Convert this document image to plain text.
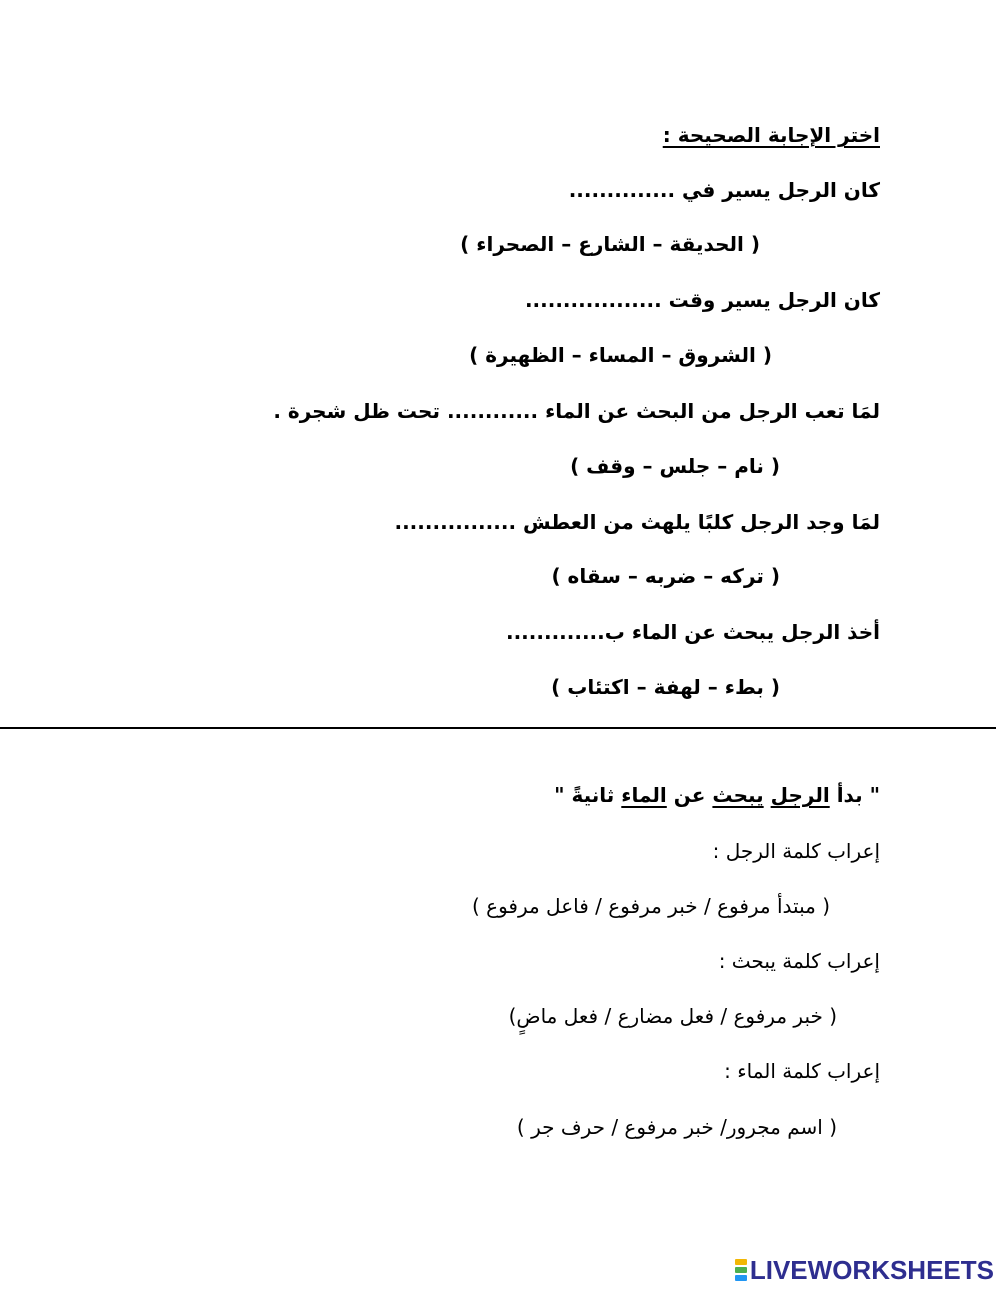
اختر الإجابة الصحيحة :
كان الرجل يسير في ..............
( الحديقة – الشارع – الصحراء )
كان الرجل يسير وقت ..................
( الشروق – المساء – الظهيرة )
لمَا تعب الرجل من البحث عن الماء ............ تحت ظل شجرة .
( نام – جلس – وقف )
لمَا وجد الرجل كلبًا يلهث من العطش ................
( تركه – ضربه – سقاه )
أخذ الرجل يبحث عن الماء ب.............
( بطء – لهفة – اكتئاب )
" بدأ الرجل يبحث عن الماء ثانيةً "
إعراب كلمة الرجل :
( مبتدأ مرفوع / خبر مرفوع / فاعل مرفوع )
إعراب كلمة يبحث :
( خبر مرفوع / فعل مضارع / فعل ماضٍ)
إعراب كلمة الماء :
( اسم مجرور/ خبر مرفوع / حرف جر )
LIVEWORKSHEETS
